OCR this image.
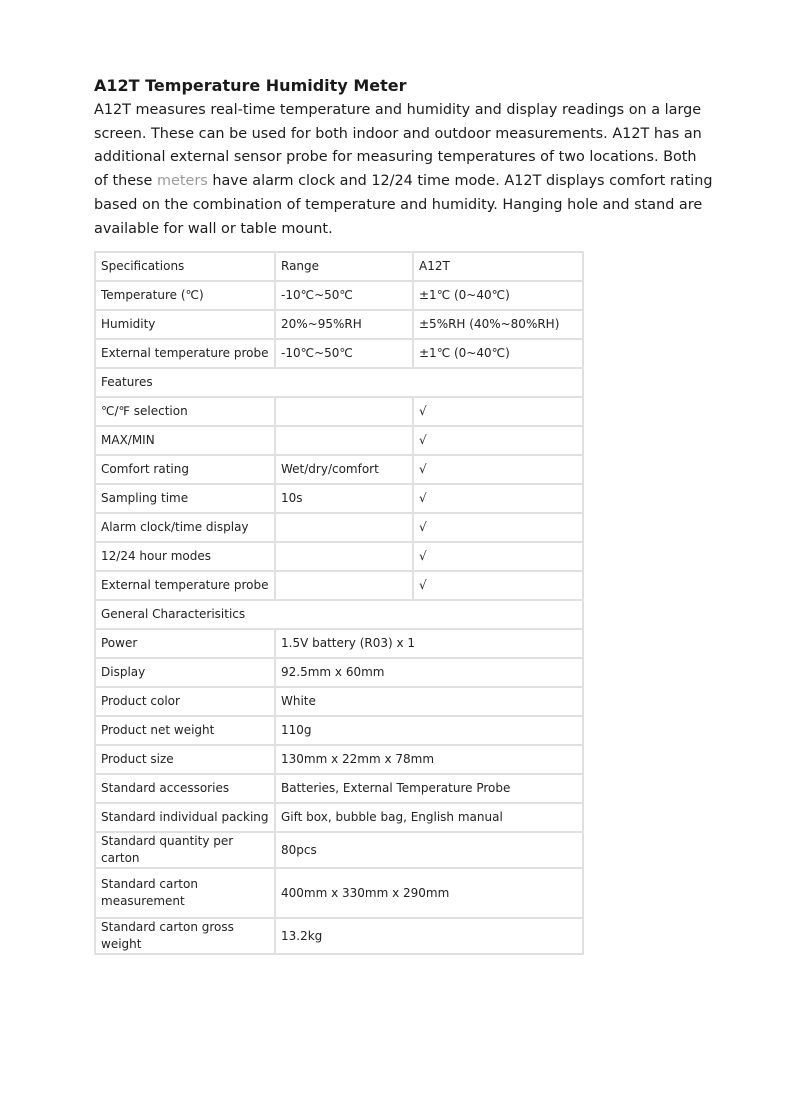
A12T Temperature Humidity Meter

A12T measures real-time temperature and humidity and display readings on a large screen. These can be used for both indoor and outdoor measurements. A12T has an additional external sensor probe for measuring temperatures of two locations. Both of these meters have alarm clock and 12/24 time mode. A12T displays comfort rating based on the combination of temperature and humidity. Hanging hole and stand are available for wall or table mount.

Specifications	Range	A12T
Temperature (℃)	-10℃~50℃	±1℃ (0~40℃)
Humidity	20%~95%RH	±5%RH (40%~80%RH)
External temperature probe	-10℃~50℃	±1℃ (0~40℃)
Features		
℃/℉ selection		√
MAX/MIN		√
Comfort rating	Wet/dry/comfort	√
Sampling time	10s	√
Alarm clock/time display		√
12/24 hour modes		√
External temperature probe		√
General Characterisitics		
Power	1.5V battery (R03) x 1	
Display	92.5mm x 60mm	
Product color	White	
Product net weight	110g	
Product size	130mm x 22mm x 78mm	
Standard accessories	Batteries, External Temperature Probe	
Standard individual packing	Gift box, bubble bag, English manual	
Standard quantity per carton	80pcs	
Standard carton measurement	400mm x 330mm x 290mm	
Standard carton gross weight	13.2kg	
